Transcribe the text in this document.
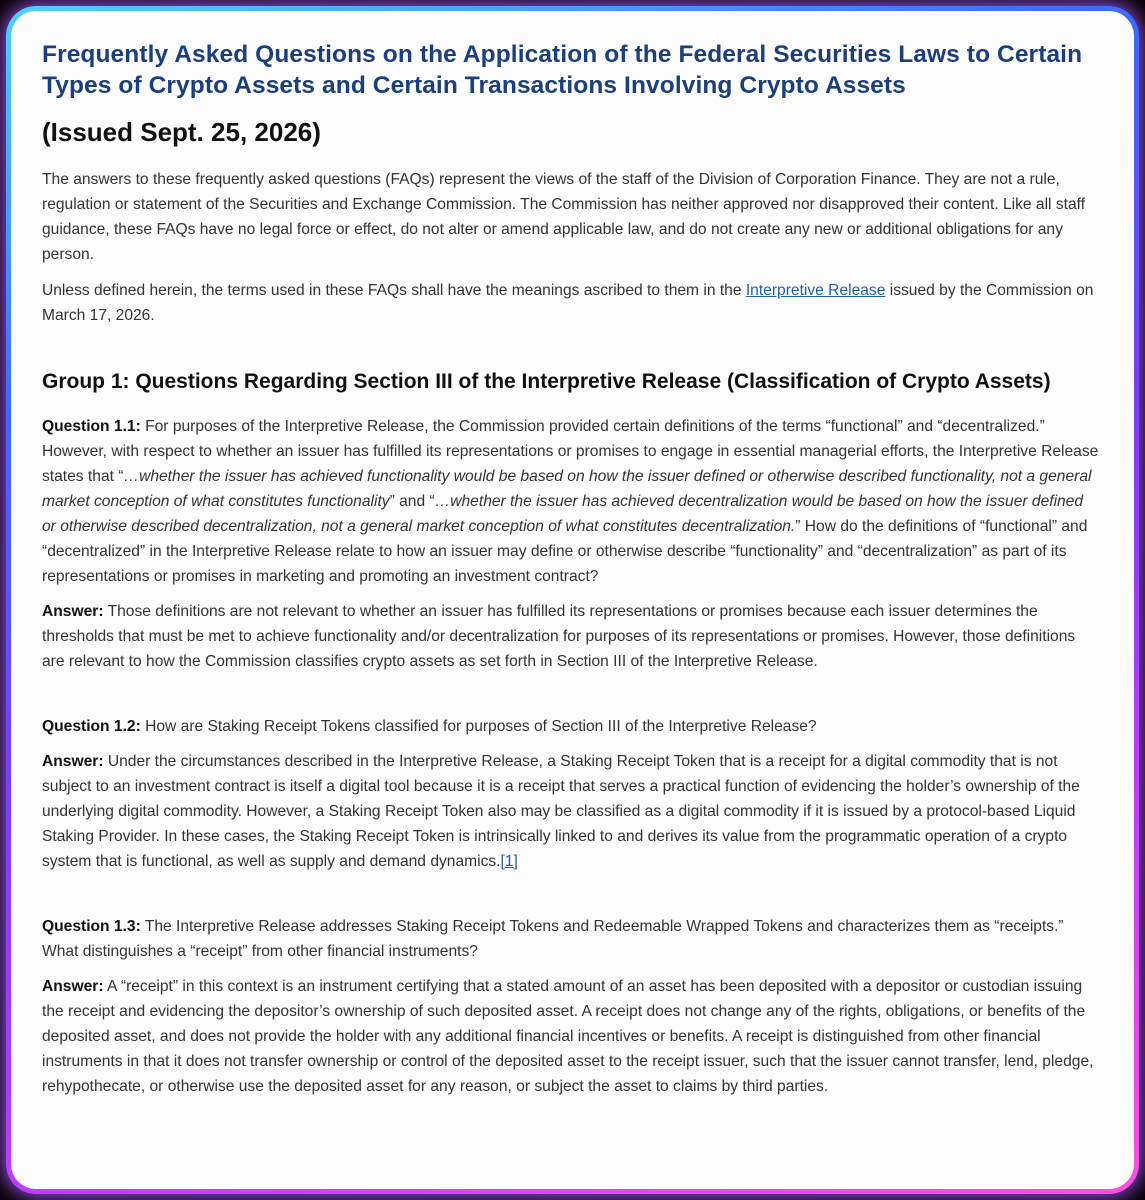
Frequently Asked Questions on the Application of the Federal Securities Laws to Certain Types of Crypto Assets and Certain Transactions Involving Crypto Assets
(Issued Sept. 25, 2026)

The answers to these frequently asked questions (FAQs) represent the views of the staff of the Division of Corporation Finance. They are not a rule, regulation or statement of the Securities and Exchange Commission. The Commission has neither approved nor disapproved their content. Like all staff guidance, these FAQs have no legal force or effect, do not alter or amend applicable law, and do not create any new or additional obligations for any person.

Unless defined herein, the terms used in these FAQs shall have the meanings ascribed to them in the Interpretive Release issued by the Commission on March 17, 2026.

Group 1: Questions Regarding Section III of the Interpretive Release (Classification of Crypto Assets)

Question 1.1: For purposes of the Interpretive Release, the Commission provided certain definitions of the terms “functional” and “decentralized.” However, with respect to whether an issuer has fulfilled its representations or promises to engage in essential managerial efforts, the Interpretive Release states that “…whether the issuer has achieved functionality would be based on how the issuer defined or otherwise described functionality, not a general market conception of what constitutes functionality” and “…whether the issuer has achieved decentralization would be based on how the issuer defined or otherwise described decentralization, not a general market conception of what constitutes decentralization.” How do the definitions of “functional” and “decentralized” in the Interpretive Release relate to how an issuer may define or otherwise describe “functionality” and “decentralization” as part of its representations or promises in marketing and promoting an investment contract?

Answer: Those definitions are not relevant to whether an issuer has fulfilled its representations or promises because each issuer determines the thresholds that must be met to achieve functionality and/or decentralization for purposes of its representations or promises. However, those definitions are relevant to how the Commission classifies crypto assets as set forth in Section III of the Interpretive Release.

Question 1.2: How are Staking Receipt Tokens classified for purposes of Section III of the Interpretive Release?

Answer: Under the circumstances described in the Interpretive Release, a Staking Receipt Token that is a receipt for a digital commodity that is not subject to an investment contract is itself a digital tool because it is a receipt that serves a practical function of evidencing the holder’s ownership of the underlying digital commodity. However, a Staking Receipt Token also may be classified as a digital commodity if it is issued by a protocol-based Liquid Staking Provider. In these cases, the Staking Receipt Token is intrinsically linked to and derives its value from the programmatic operation of a crypto system that is functional, as well as supply and demand dynamics.[1]

Question 1.3: The Interpretive Release addresses Staking Receipt Tokens and Redeemable Wrapped Tokens and characterizes them as “receipts.” What distinguishes a “receipt” from other financial instruments?

Answer: A “receipt” in this context is an instrument certifying that a stated amount of an asset has been deposited with a depositor or custodian issuing the receipt and evidencing the depositor’s ownership of such deposited asset. A receipt does not change any of the rights, obligations, or benefits of the deposited asset, and does not provide the holder with any additional financial incentives or benefits. A receipt is distinguished from other financial instruments in that it does not transfer ownership or control of the deposited asset to the receipt issuer, such that the issuer cannot transfer, lend, pledge, rehypothecate, or otherwise use the deposited asset for any reason, or subject the asset to claims by third parties.
